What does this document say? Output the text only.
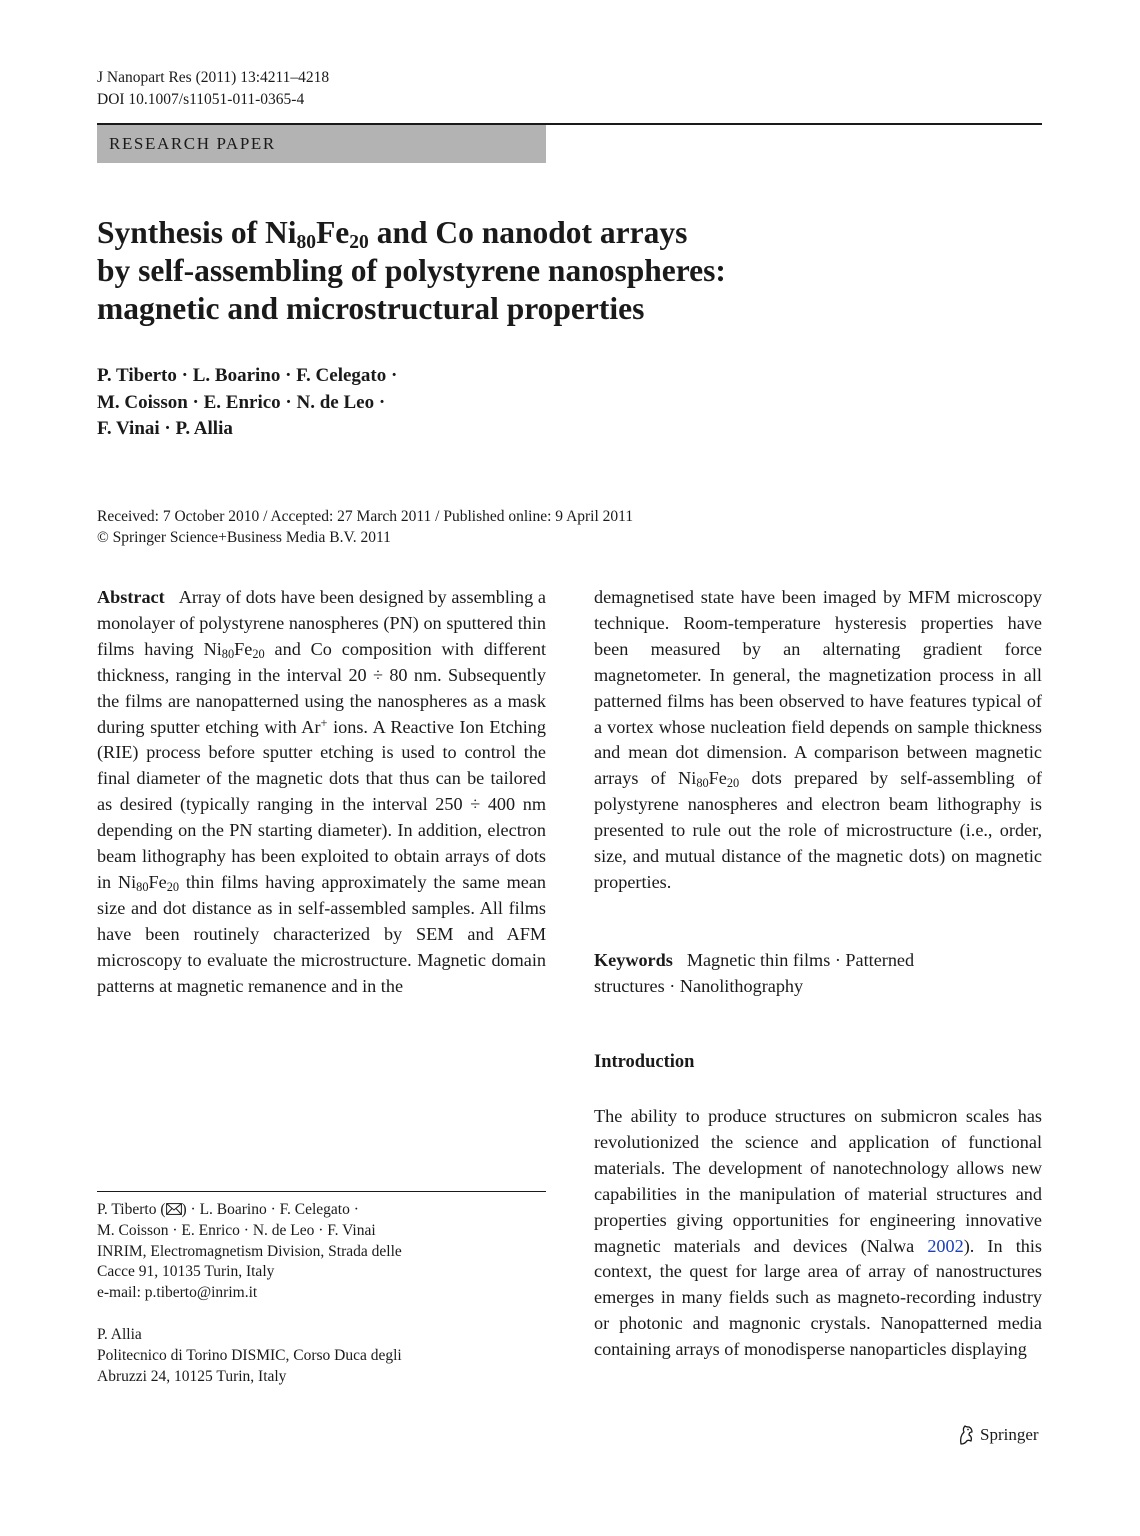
J Nanopart Res (2011) 13:4211–4218
DOI 10.1007/s11051-011-0365-4
RESEARCH PAPER
Synthesis of $Ni_{80}Fe_{20}$ and Co nanodot arrays
by self-assembling of polystyrene nanospheres:
magnetic and microstructural properties
P. Tiberto · L. Boarino · F. Celegato ·
M. Coisson · E. Enrico · N. de Leo ·
F. Vinai · P. Allia
Received: 7 October 2010 / Accepted: 27 March 2011 / Published online: 9 April 2011
© Springer Science+Business Media B.V. 2011

Abstract Array of dots have been designed by assembling a monolayer of polystyrene nanospheres (PN) on sputtered thin films having $Ni_{80}Fe_{20}$ and Co composition with different thickness, ranging in the interval 20 ÷ 80 nm. Subsequently the films are nanopatterned using the nanospheres as a mask during sputter etching with Ar+ ions. A Reactive Ion Etching (RIE) process before sputter etching is used to control the final diameter of the magnetic dots that thus can be tailored as desired (typically ranging in the interval 250 ÷ 400 nm depending on the PN starting diameter). In addition, electron beam lithography has been exploited to obtain arrays of dots in $Ni_{80}Fe_{20}$ thin films having approximately the same mean size and dot distance as in self-assembled samples. All films have been routinely characterized by SEM and AFM microscopy to evaluate the microstructure. Magnetic domain patterns at magnetic remanence and in the

demagnetised state have been imaged by MFM microscopy technique. Room-temperature hysteresis properties have been measured by an alternating gradient force magnetometer. In general, the magnetization process in all patterned films has been observed to have features typical of a vortex whose nucleation field depends on sample thickness and mean dot dimension. A comparison between magnetic arrays of $Ni_{80}Fe_{20}$ dots prepared by self-assembling of polystyrene nanospheres and electron beam lithography is presented to rule out the role of microstructure (i.e., order, size, and mutual distance of the magnetic dots) on magnetic properties.

Keywords Magnetic thin films · Patterned
structures · Nanolithography
Introduction

The ability to produce structures on submicron scales has revolutionized the science and application of functional materials. The development of nanotechnology allows new capabilities in the manipulation of material structures and properties giving opportunities for engineering innovative magnetic materials and devices (Nalwa 2002). In this context, the quest for large area of array of nanostructures emerges in many fields such as magneto-recording industry or photonic and magnonic crystals. Nanopatterned media containing arrays of monodisperse nanoparticles displaying

P. Tiberto ( ) · L. Boarino · F. Celegato ·
M. Coisson · E. Enrico · N. de Leo · F. Vinai
INRIM, Electromagnetism Division, Strada delle
Cacce 91, 10135 Turin, Italy
e-mail: p.tiberto@inrim.it
P. Allia
Politecnico di Torino DISMIC, Corso Duca degli
Abruzzi 24, 10125 Turin, Italy
Springer
